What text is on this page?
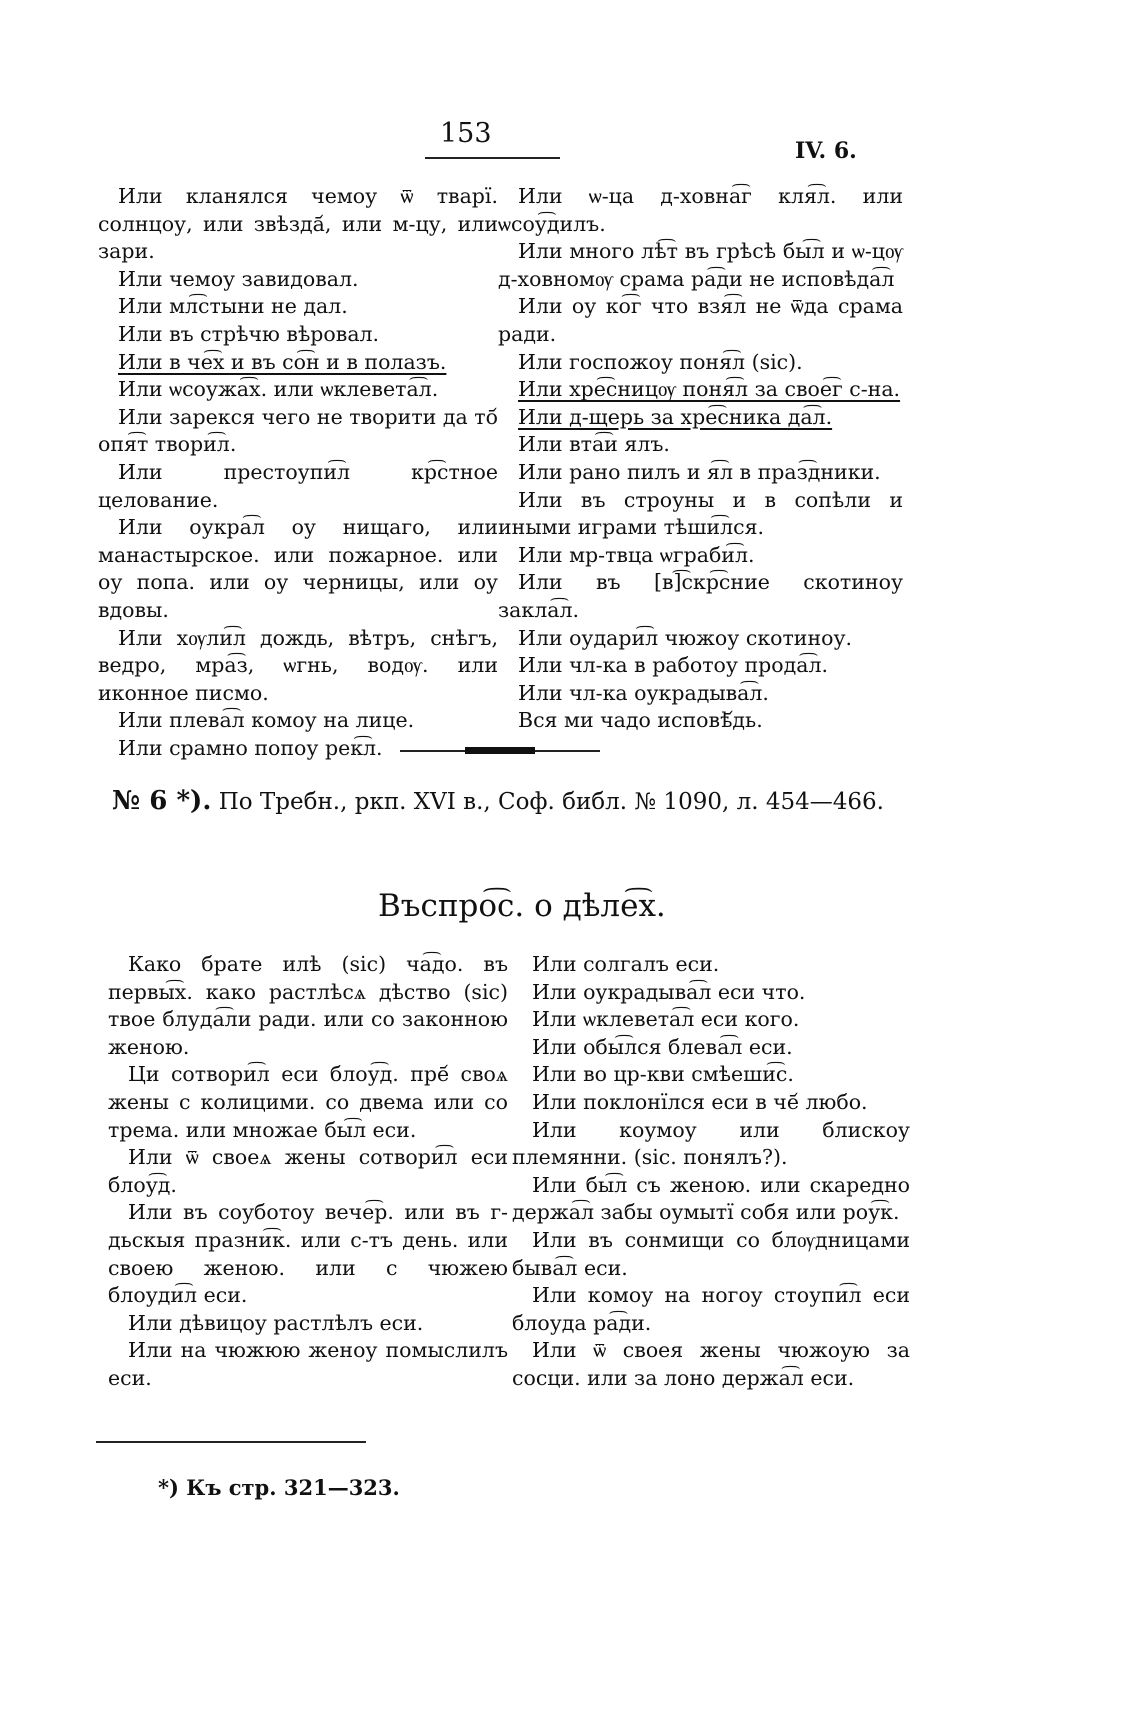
153
IV. 6.

Или кланялся чемоу ѿ тварї. солнцоу, или звѣзда᷄, или м-цу, или зари.

Или чемоу завидовал.

Или мл͡стыни не дал.

Или въ стрѣчю вѣровал.

Или в че͡х и въ со͡н и в полазъ.

Или ѡсоужа͡х. или ѡклевета͡л.

Или зарекся чего не творити да то᷄ опя͡т твори͡л.

Или престоупи͡л кр͡стное целование.

Или оукра͡л оу нищаго, или манастырское. или пожарное. или оу попа. или оу черницы, или оу вдовы.

Или хѹли͡л дождь, вѣтръ, снѣгъ, ведро, мра͡з, ѡгнь, водѹ. или иконное писмо.

Или плева͡л комоу на лице.

Или срамно попоу рек͡л.

Или ѡ-ца д-ховна͡г кля͡л. или ѡсоу͡дилъ.

Или много лѣ͡т въ грѣсѣ бы͡л и ѡ-цѹ д-ховномѹ срама ра͡ди не исповѣда͡л

Или оу ко͡г что взя͡л не ѿда срама ради.

Или госпожоу поня͡л (sic).

Или хре͡сницѹ поня͡л за свое͡г с-на.

Или д-щерь за хре͡сника да͡л.

Или вта͡и ялъ.

Или рано пилъ и я͡л в праз͡дники.

Или въ строуны и в сопѣли и иными играми тѣши͡лся.

Или мр-твца ѡграби͡л.

Или въ [в]͡скр͡сние скотиноу закла͡л.

Или оудари͡л чюжоу скотиноу.

Или чл-ка в работоу прода͡л.

Или чл-ка оукрадыва͡л.

Вся ми чадо исповѣ᷄дь.

№ 6 *). По Требн., ркп. XVI в., Соф. библ. № 1090, л. 454—466.
Въспро͡с. о дѣле͡х.

Како брате илѣ (sic) ча͡до. въ первы͡х. како растлѣсѧ дѣство (sic) твое блуда͡ли ради. или со законною женою.

Ци сотвори͡л еси блоу͡д. пре᷄ своѧ жены с колицими. со двема или со трема. или множае бы͡л еси.

Или ѿ своеѧ жены сотвори͡л еси блоу͡д.

Или въ соуботоу вече͡р. или въ г-дьскыя празни͡к. или с-тъ день. или своею женою. или с чюжею блоуди͡л еси.

Или дѣвицоу растлѣлъ еси.

Или на чюжюю женоу помыслилъ еси.

Или солгалъ еси.

Или оукрадыва͡л еси что.

Или ѡклевета͡л еси кого.

Или обы͡лся блева͡л еси.

Или во цр-кви смѣеши͡с.

Или поклонїлся еси в че᷄ любо.

Или коумоу или блискоу племянни. (sic. понялъ?).

Или бы͡л съ женою. или скаредно держа͡л забы оумытї собя или роу͡к.

Или въ сонмищи со блѹдницами быва͡л еси.

Или комоу на ногоу стоупи͡л еси блоуда ра͡ди.

Или ѿ своея жены чюжоую за сосци. или за лоно держа͡л еси.

*) Къ стр. 321—323.
